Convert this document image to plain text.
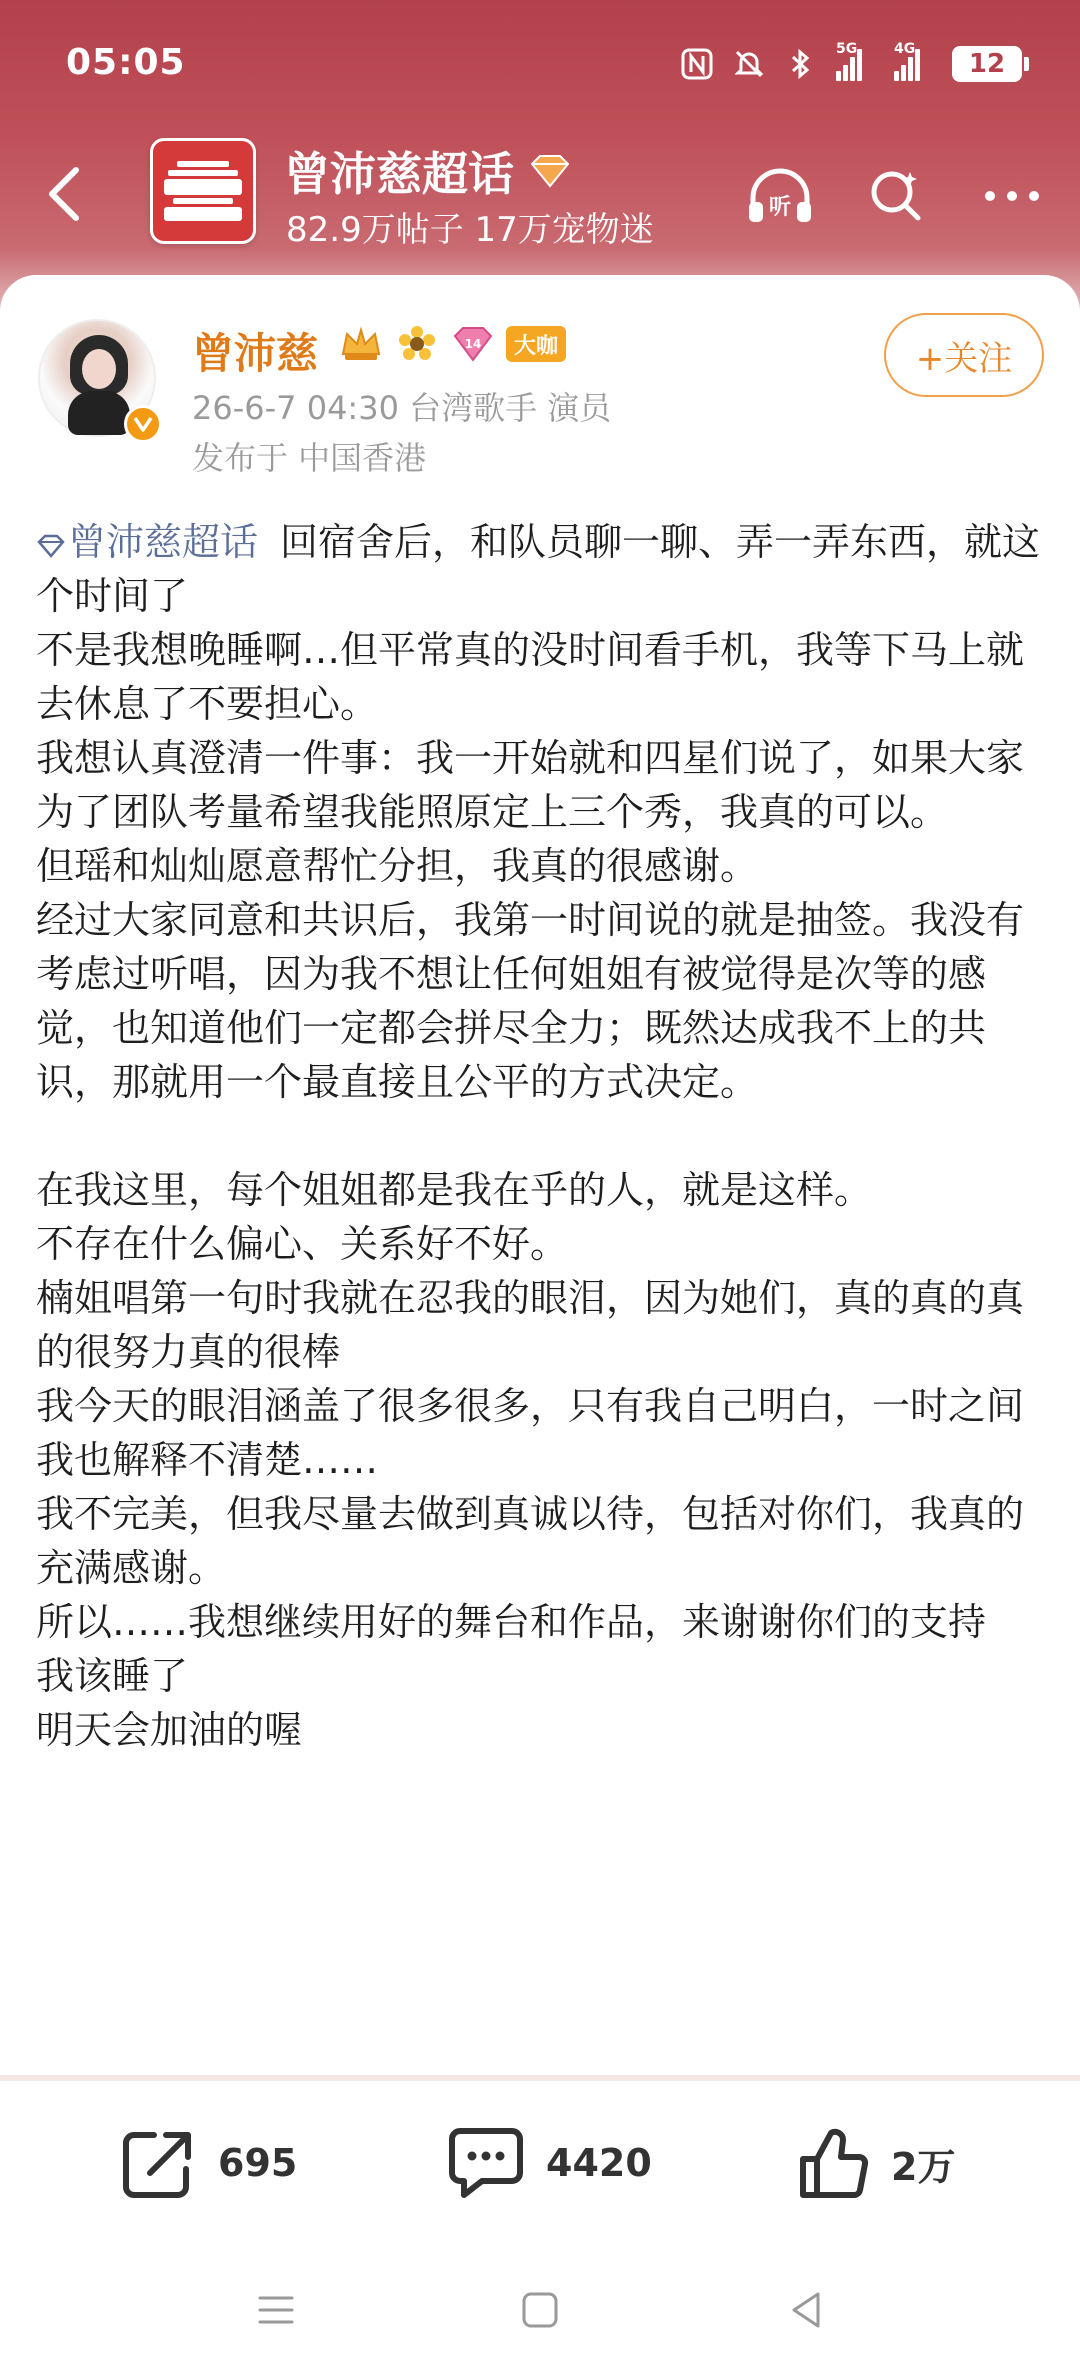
05:05	5G	4G 12
曾沛慈超话
82.9万帖子 17万宠物迷
听
曾沛慈	14	大咖
26-6-7 04:30 台湾歌手 演员
发布于 中国香港
+关注

曾沛慈超话 回宿舍后，和队员聊一聊、弄一弄东西，就这个时间了

不是我想晚睡啊…但平常真的没时间看手机，我等下马上就去休息了不要担心。

我想认真澄清一件事：我一开始就和四星们说了，如果大家为了团队考量希望我能照原定上三个秀，我真的可以。

但瑶和灿灿愿意帮忙分担，我真的很感谢。

经过大家同意和共识后，我第一时间说的就是抽签。我没有考虑过听唱，因为我不想让任何姐姐有被觉得是次等的感觉，也知道他们一定都会拼尽全力；既然达成我不上的共识，那就用一个最直接且公平的方式决定。

在我这里，每个姐姐都是我在乎的人，就是这样。

不存在什么偏心、关系好不好。

楠姐唱第一句时我就在忍我的眼泪，因为她们，真的真的真的很努力真的很棒

我今天的眼泪涵盖了很多很多，只有我自己明白，一时之间我也解释不清楚……

我不完美，但我尽量去做到真诚以待，包括对你们，我真的充满感谢。

所以……我想继续用好的舞台和作品，来谢谢你们的支持

我该睡了

明天会加油的喔

695	4420	2万
